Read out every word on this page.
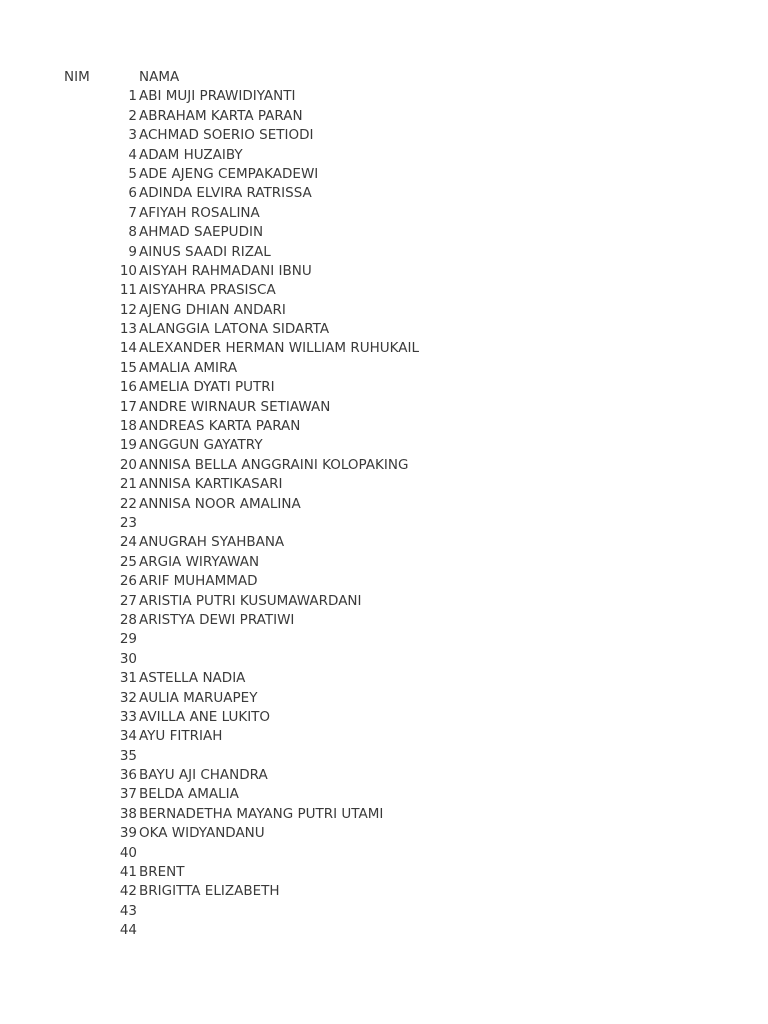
NIM	NAMA
1 ABI MUJI PRAWIDIYANTI
2 ABRAHAM KARTA PARAN
3 ACHMAD SOERIO SETIODI
4 ADAM HUZAIBY
5 ADE AJENG CEMPAKADEWI
6 ADINDA ELVIRA RATRISSA
7 AFIYAH ROSALINA
8 AHMAD SAEPUDIN
9 AINUS SAADI RIZAL
10 AISYAH RAHMADANI IBNU
11 AISYAHRA PRASISCA
12 AJENG DHIAN ANDARI
13 ALANGGIA LATONA SIDARTA
14 ALEXANDER HERMAN WILLIAM RUHUKAIL
15 AMALIA AMIRA
16 AMELIA DYATI PUTRI
17 ANDRE WIRNAUR SETIAWAN
18 ANDREAS KARTA PARAN
19 ANGGUN GAYATRY
20 ANNISA BELLA ANGGRAINI KOLOPAKING
21 ANNISA KARTIKASARI
22 ANNISA NOOR AMALINA
23
24 ANUGRAH SYAHBANA
25 ARGIA WIRYAWAN
26 ARIF MUHAMMAD
27 ARISTIA PUTRI KUSUMAWARDANI
28 ARISTYA DEWI PRATIWI
29
30
31 ASTELLA NADIA
32 AULIA MARUAPEY
33 AVILLA ANE LUKITO
34 AYU FITRIAH
35
36 BAYU AJI CHANDRA
37 BELDA AMALIA
38 BERNADETHA MAYANG PUTRI UTAMI
39 OKA WIDYANDANU
40
41 BRENT
42 BRIGITTA ELIZABETH
43
44
